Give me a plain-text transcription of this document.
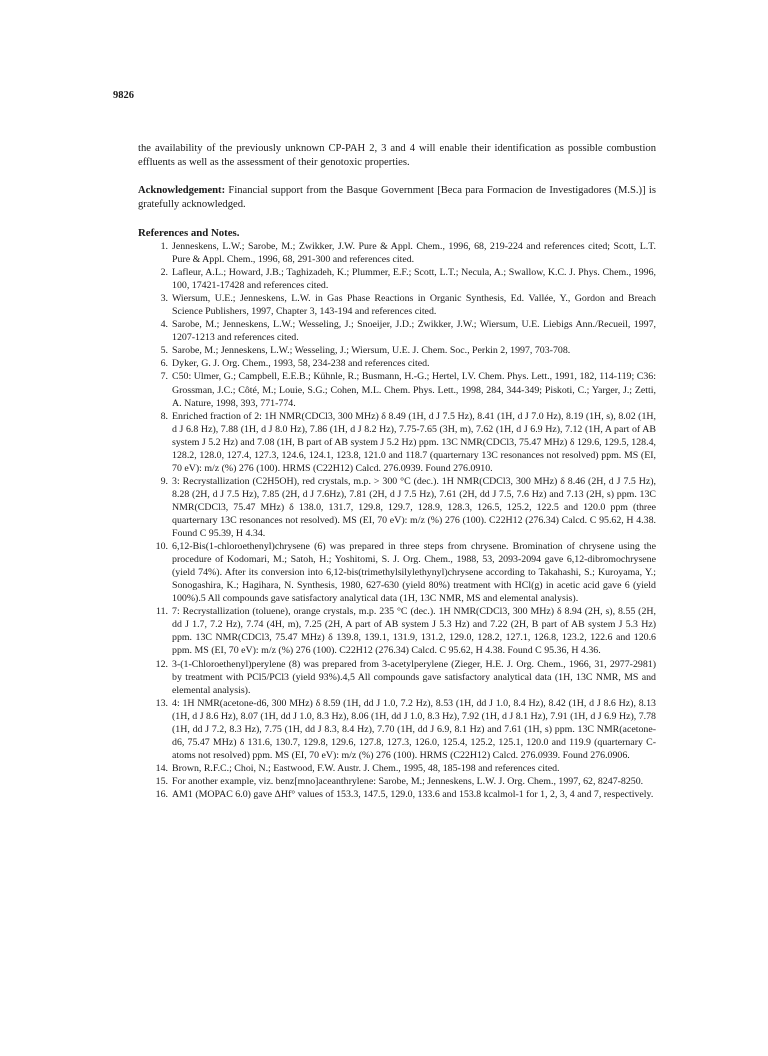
9826

the availability of the previously unknown CP-PAH 2, 3 and 4 will enable their identification as possible combustion effluents as well as the assessment of their genotoxic properties.

Acknowledgement: Financial support from the Basque Government [Beca para Formacion de Investigadores (M.S.)] is gratefully acknowledged.

References and Notes.

1. Jenneskens, L.W.; Sarobe, M.; Zwikker, J.W. Pure & Appl. Chem., 1996, 68, 219-224 and references cited; Scott, L.T. Pure & Appl. Chem., 1996, 68, 291-300 and references cited.
2. Lafleur, A.L.; Howard, J.B.; Taghizadeh, K.; Plummer, E.F.; Scott, L.T.; Necula, A.; Swallow, K.C. J. Phys. Chem., 1996, 100, 17421-17428 and references cited.
3. Wiersum, U.E.; Jenneskens, L.W. in Gas Phase Reactions in Organic Synthesis, Ed. Vallée, Y., Gordon and Breach Science Publishers, 1997, Chapter 3, 143-194 and references cited.
4. Sarobe, M.; Jenneskens, L.W.; Wesseling, J.; Snoeijer, J.D.; Zwikker, J.W.; Wiersum, U.E. Liebigs Ann./Recueil, 1997, 1207-1213 and references cited.
5. Sarobe, M.; Jenneskens, L.W.; Wesseling, J.; Wiersum, U.E. J. Chem. Soc., Perkin 2, 1997, 703-708.
6. Dyker, G. J. Org. Chem., 1993, 58, 234-238 and references cited.
7. C50: Ulmer, G.; Campbell, E.E.B.; Kühnle, R.; Busmann, H.-G.; Hertel, I.V. Chem. Phys. Lett., 1991, 182, 114-119; C36: Grossman, J.C.; Côté, M.; Louie, S.G.; Cohen, M.L. Chem. Phys. Lett., 1998, 284, 344-349; Piskoti, C.; Yarger, J.; Zetti, A. Nature, 1998, 393, 771-774.
8. Enriched fraction of 2: 1H NMR(CDCl3, 300 MHz) δ 8.49 (1H, d J 7.5 Hz), 8.41 (1H, d J 7.0 Hz), 8.19 (1H, s), 8.02 (1H, d J 6.8 Hz), 7.88 (1H, d J 8.0 Hz), 7.86 (1H, d J 8.2 Hz), 7.75-7.65 (3H, m), 7.62 (1H, d J 6.9 Hz), 7.12 (1H, A part of AB system J 5.2 Hz) and 7.08 (1H, B part of AB system J 5.2 Hz) ppm. 13C NMR(CDCl3, 75.47 MHz) δ 129.6, 129.5, 128.4, 128.2, 128.0, 127.4, 127.3, 124.6, 124.1, 123.8, 121.0 and 118.7 (quarternary 13C resonances not resolved) ppm. MS (EI, 70 eV): m/z (%) 276 (100). HRMS (C22H12) Calcd. 276.0939. Found 276.0910.
9. 3: Recrystallization (C2H5OH), red crystals, m.p. > 300 °C (dec.). 1H NMR(CDCl3, 300 MHz) δ 8.46 (2H, d J 7.5 Hz), 8.28 (2H, d J 7.5 Hz), 7.85 (2H, d J 7.6Hz), 7.81 (2H, d J 7.5 Hz), 7.61 (2H, dd J 7.5, 7.6 Hz) and 7.13 (2H, s) ppm. 13C NMR(CDCl3, 75.47 MHz) δ 138.0, 131.7, 129.8, 129.7, 128.9, 128.3, 126.5, 125.2, 122.5 and 120.0 ppm (three quarternary 13C resonances not resolved). MS (EI, 70 eV): m/z (%) 276 (100). C22H12 (276.34) Calcd. C 95.62, H 4.38. Found C 95.39, H 4.34.
10. 6,12-Bis(1-chloroethenyl)chrysene (6) was prepared in three steps from chrysene. Bromination of chrysene using the procedure of Kodomari, M.; Satoh, H.; Yoshitomi, S. J. Org. Chem., 1988, 53, 2093-2094 gave 6,12-dibromochrysene (yield 74%). After its conversion into 6,12-bis(trimethylsilylethynyl)chrysene according to Takahashi, S.; Kuroyama, Y.; Sonogashira, K.; Hagihara, N. Synthesis, 1980, 627-630 (yield 80%) treatment with HCl(g) in acetic acid gave 6 (yield 100%).5 All compounds gave satisfactory analytical data (1H, 13C NMR, MS and elemental analysis).
11. 7: Recrystallization (toluene), orange crystals, m.p. 235 °C (dec.). 1H NMR(CDCl3, 300 MHz) δ 8.94 (2H, s), 8.55 (2H, dd J 1.7, 7.2 Hz), 7.74 (4H, m), 7.25 (2H, A part of AB system J 5.3 Hz) and 7.22 (2H, B part of AB system J 5.3 Hz) ppm. 13C NMR(CDCl3, 75.47 MHz) δ 139.8, 139.1, 131.9, 131.2, 129.0, 128.2, 127.1, 126.8, 123.2, 122.6 and 120.6 ppm. MS (EI, 70 eV): m/z (%) 276 (100). C22H12 (276.34) Calcd. C 95.62, H 4.38. Found C 95.36, H 4.36.
12. 3-(1-Chloroethenyl)perylene (8) was prepared from 3-acetylperylene (Zieger, H.E. J. Org. Chem., 1966, 31, 2977-2981) by treatment with PCl5/PCl3 (yield 93%).4,5 All compounds gave satisfactory analytical data (1H, 13C NMR, MS and elemental analysis).
13. 4: 1H NMR(acetone-d6, 300 MHz) δ 8.59 (1H, dd J 1.0, 7.2 Hz), 8.53 (1H, dd J 1.0, 8.4 Hz), 8.42 (1H, d J 8.6 Hz), 8.13 (1H, d J 8.6 Hz), 8.07 (1H, dd J 1.0, 8.3 Hz), 8.06 (1H, dd J 1.0, 8.3 Hz), 7.92 (1H, d J 8.1 Hz), 7.91 (1H, d J 6.9 Hz), 7.78 (1H, dd J 7.2, 8.3 Hz), 7.75 (1H, dd J 8.3, 8.4 Hz), 7.70 (1H, dd J 6.9, 8.1 Hz) and 7.61 (1H, s) ppm. 13C NMR(acetone-d6, 75.47 MHz) δ 131.6, 130.7, 129.8, 129.6, 127.8, 127.3, 126.0, 125.4, 125.2, 125.1, 120.0 and 119.9 (quarternary C-atoms not resolved) ppm. MS (EI, 70 eV): m/z (%) 276 (100). HRMS (C22H12) Calcd. 276.0939. Found 276.0906.
14. Brown, R.F.C.; Choi, N.; Eastwood, F.W. Austr. J. Chem., 1995, 48, 185-198 and references cited.
15. For another example, viz. benz[mno]aceanthrylene: Sarobe, M.; Jenneskens, L.W. J. Org. Chem., 1997, 62, 8247-8250.
16. AM1 (MOPAC 6.0) gave ΔHf° values of 153.3, 147.5, 129.0, 133.6 and 153.8 kcalmol-1 for 1, 2, 3, 4 and 7, respectively.
